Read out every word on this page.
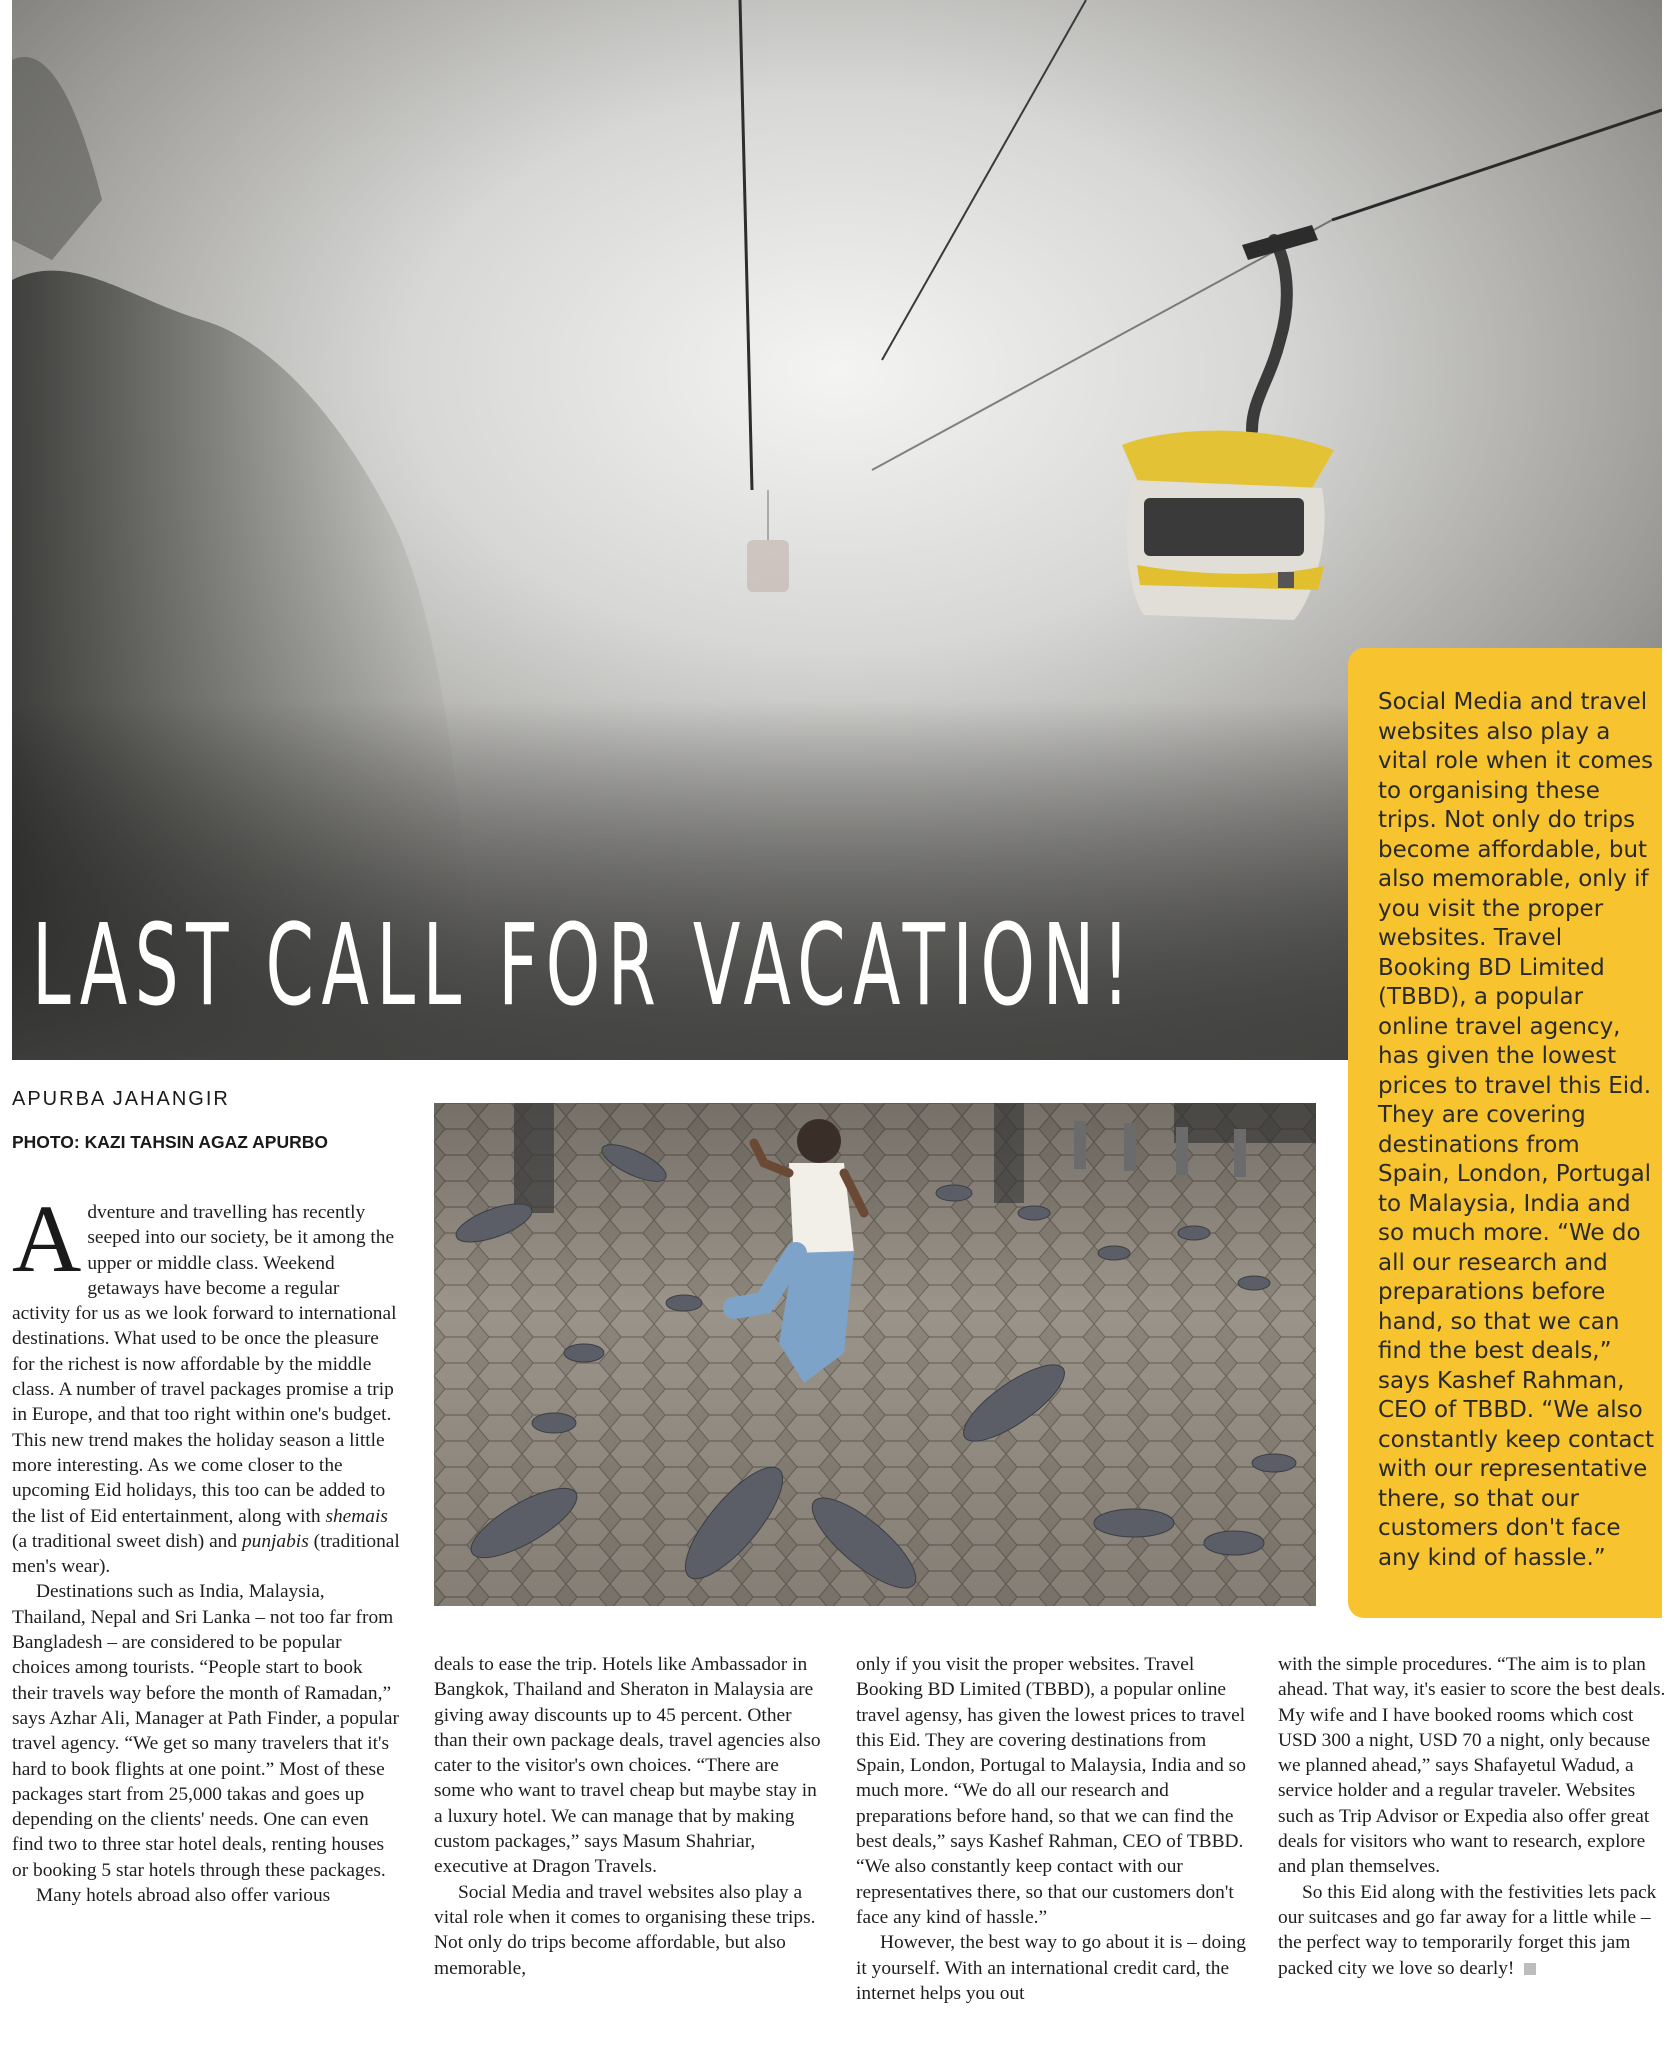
LAST CALL FOR VACATION!
APURBA JAHANGIR
PHOTO: KAZI TAHSIN AGAZ APURBO

Social Media and travel websites also play a vital role when it comes to organising these trips. Not only do trips become affordable, but also memorable, only if you visit the proper websites. Travel Booking BD Limited (TBBD), a popular online travel agency, has given the lowest prices to travel this Eid. They are covering destinations from Spain, London, Portugal to Malaysia, India and so much more. “We do all our research and preparations before hand, so that we can find the best deals,” says Kashef Rahman, CEO of TBBD. “We also constantly keep contact with our representative there, so that our customers don't face any kind of hassle.”

Adventure and travelling has recently seeped into our society, be it among the upper or middle class. Weekend getaways have become a regular activity for us as we look forward to international destinations. What used to be once the pleasure for the richest is now affordable by the middle class. A number of travel packages promise a trip in Europe, and that too right within one's budget. This new trend makes the holiday season a little more interesting. As we come closer to the upcoming Eid holidays, this too can be added to the list of Eid entertainment, along with shemais (a traditional sweet dish) and punjabis (traditional men's wear).

Destinations such as India, Malaysia, Thailand, Nepal and Sri Lanka – not too far from Bangladesh – are considered to be popular choices among tourists. “People start to book their travels way before the month of Ramadan,” says Azhar Ali, Manager at Path Finder, a popular travel agency. “We get so many travelers that it's hard to book flights at one point.” Most of these packages start from 25,000 takas and goes up depending on the clients' needs. One can even find two to three star hotel deals, renting houses or booking 5 star hotels through these packages.

Many hotels abroad also offer various

deals to ease the trip. Hotels like Ambassador in Bangkok, Thailand and Sheraton in Malaysia are giving away discounts up to 45 percent. Other than their own package deals, travel agencies also cater to the visitor's own choices. “There are some who want to travel cheap but maybe stay in a luxury hotel. We can manage that by making custom packages,” says Masum Shahriar, executive at Dragon Travels.

Social Media and travel websites also play a vital role when it comes to organising these trips. Not only do trips become affordable, but also memorable,

only if you visit the proper websites. Travel Booking BD Limited (TBBD), a popular online travel agensy, has given the lowest prices to travel this Eid. They are covering destinations from Spain, London, Portugal to Malaysia, India and so much more. “We do all our research and preparations before hand, so that we can find the best deals,” says Kashef Rahman, CEO of TBBD. “We also constantly keep contact with our representatives there, so that our customers don't face any kind of hassle.”

However, the best way to go about it is – doing it yourself. With an international credit card, the internet helps you out

with the simple procedures. “The aim is to plan ahead. That way, it's easier to score the best deals. My wife and I have booked rooms which cost USD 300 a night, USD 70 a night, only because we planned ahead,” says Shafayetul Wadud, a service holder and a regular traveler. Websites such as Trip Advisor or Expedia also offer great deals for visitors who want to research, explore and plan themselves.

So this Eid along with the festivities lets pack our suitcases and go far away for a little while – the perfect way to temporarily forget this jam packed city we love so dearly!
